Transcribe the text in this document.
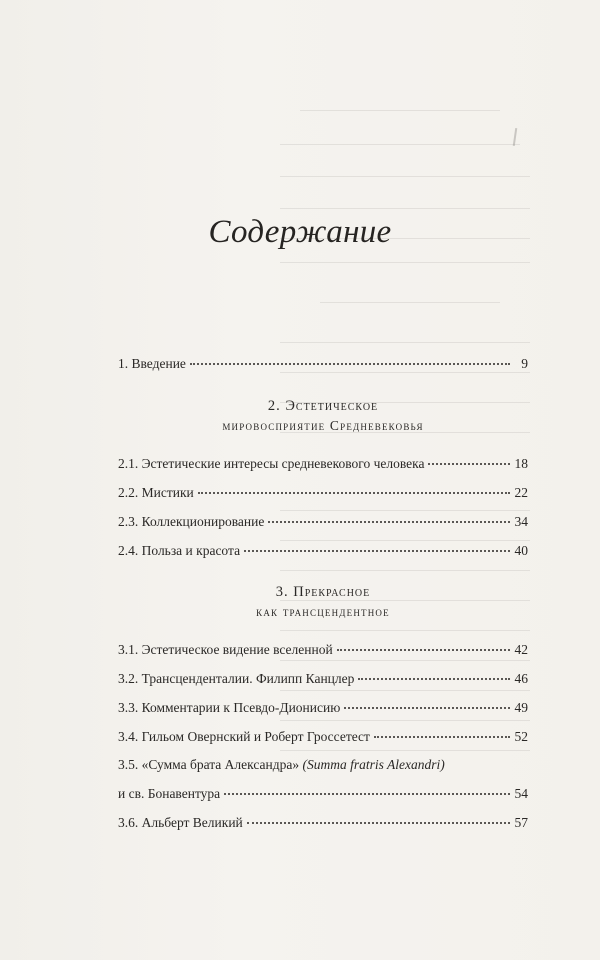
Содержание
1. Введение	9
2. Эстетическое
мировосприятие Средневековья
2.1. Эстетические интересы средневекового человека	18
2.2. Мистики	22
2.3. Коллекционирование	34
2.4. Польза и красота	40
3. Прекрасное
как трансцендентное
3.1. Эстетическое видение вселенной	42
3.2. Трансценденталии. Филипп Канцлер	46
3.3. Комментарии к Псевдо-Дионисию	49
3.4. Гильом Овернский и Роберт Гроссетест	52
3.5. «Сумма брата Александра» (Summa fratris Alexandri)
и св. Бонавентура	54
3.6. Альберт Великий	57
